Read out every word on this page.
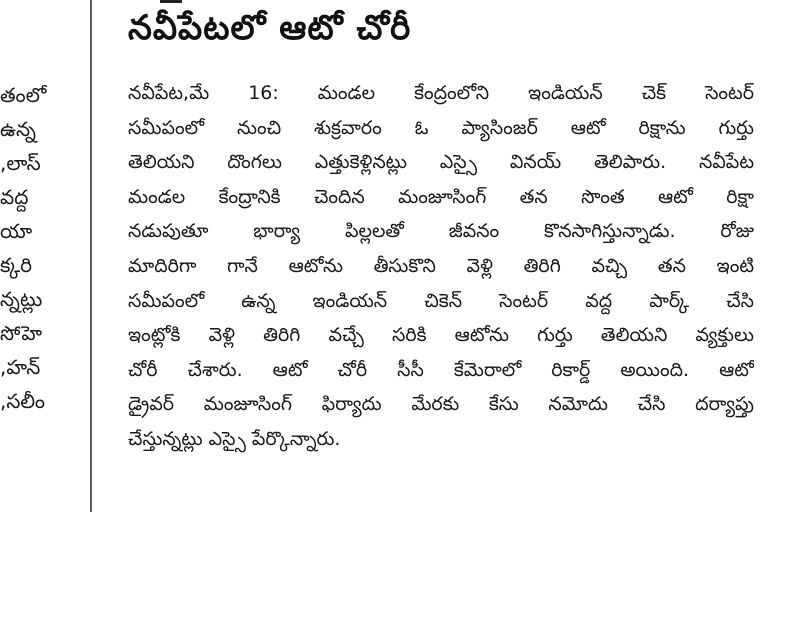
తంలో
ఉన్న
లాస్,
వద్ద
యా
క్కరి
న్నట్లు
సోహె
హన్,
సలీం,
నవీపేటలో ఆటో చోరీ
నవీపేట,మే 16: మండల కేంద్రంలోని ఇండియన్ చెక్ సెంటర్
సమీపంలో నుంచి శుక్రవారం ఓ ప్యాసింజర్ ఆటో రిక్షాను గుర్తు
తెలియని దొంగలు ఎత్తుకెళ్లినట్లు ఎస్సై వినయ్ తెలిపారు. నవీపేట
మండల కేంద్రానికి చెందిన మంజూసింగ్ తన సొంత ఆటో రిక్షా
నడుపుతూ భార్యా పిల్లలతో జీవనం కొనసాగిస్తున్నాడు. రోజు
మాదిరిగా గానే ఆటోను తీసుకొని వెళ్లి తిరిగి వచ్చి తన ఇంటి
సమీపంలో ఉన్న ఇండియన్ చికెన్ సెంటర్ వద్ద పార్క్ చేసి
ఇంట్లోకి వెళ్లి తిరిగి వచ్చే సరికి ఆటోను గుర్తు తెలియని వ్యక్తులు
చోరీ చేశారు. ఆటో చోరీ సీసీ కేమెరాలో రికార్డ్ అయింది. ఆటో
డ్రైవర్ మంజూసింగ్ ఫిర్యాదు మేరకు కేసు నమోదు చేసి దర్యాప్తు
చేస్తున్నట్లు ఎస్సై పేర్కొన్నారు.
